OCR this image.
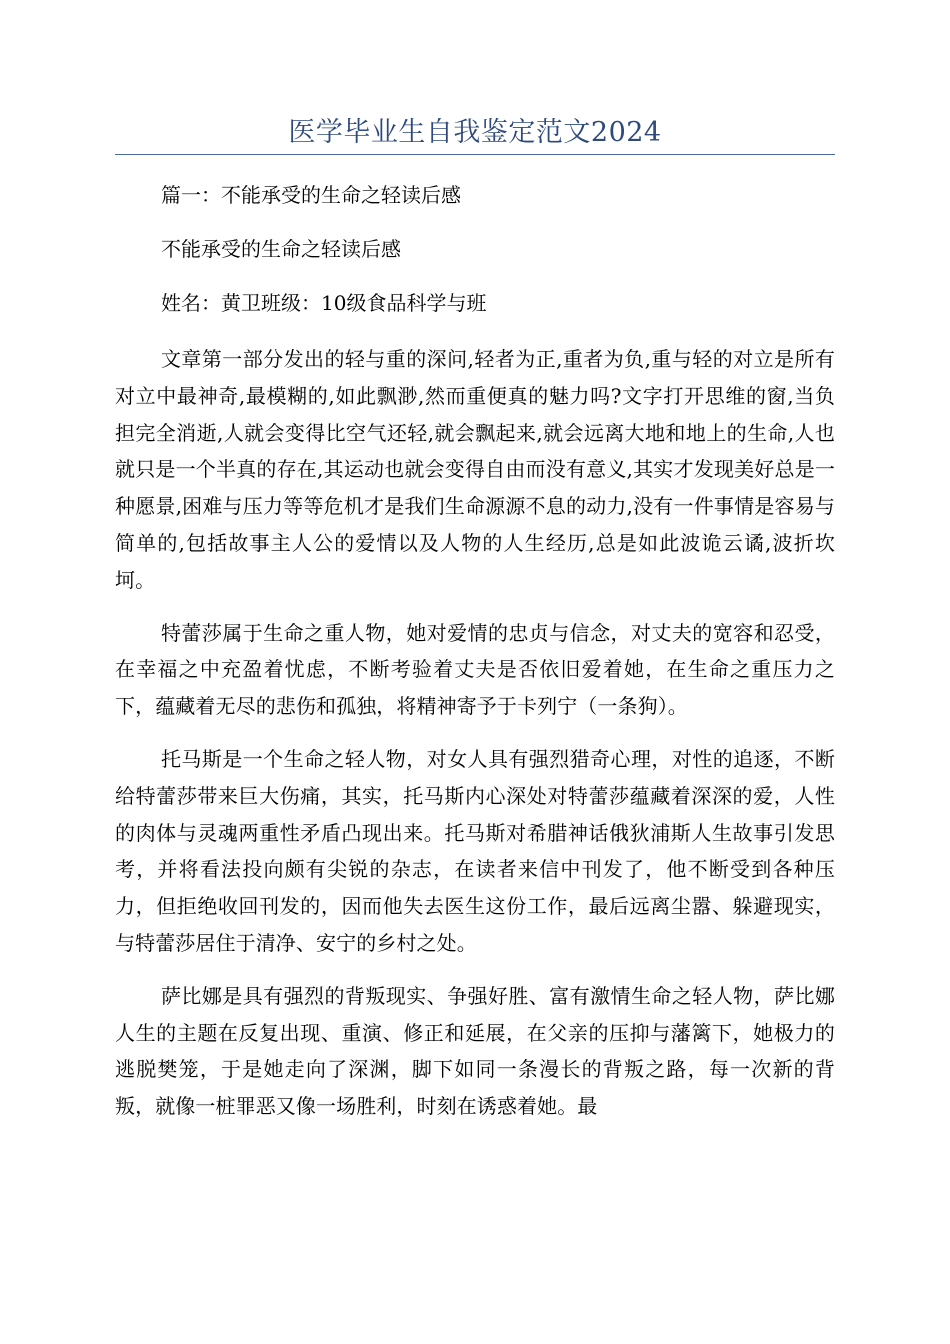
医学毕业生自我鉴定范文2024

篇一：不能承受的生命之轻读后感

不能承受的生命之轻读后感

姓名：黄卫班级：10级食品科学与班

文章第一部分发出的轻与重的深问,轻者为正,重者为负,重与轻的对立是所有对立中最神奇,最模糊的,如此飘渺,然而重便真的魅力吗?文字打开思维的窗,当负担完全消逝,人就会变得比空气还轻,就会飘起来,就会远离大地和地上的生命,人也就只是一个半真的存在,其运动也就会变得自由而没有意义,其实才发现美好总是一种愿景,困难与压力等等危机才是我们生命源源不息的动力,没有一件事情是容易与简单的,包括故事主人公的爱情以及人物的人生经历,总是如此波诡云谲,波折坎坷。

特蕾莎属于生命之重人物，她对爱情的忠贞与信念，对丈夫的宽容和忍受，在幸福之中充盈着忧虑，不断考验着丈夫是否依旧爱着她，在生命之重压力之下，蕴藏着无尽的悲伤和孤独，将精神寄予于卡列宁（一条狗）。

托马斯是一个生命之轻人物，对女人具有强烈猎奇心理，对性的追逐，不断给特蕾莎带来巨大伤痛，其实，托马斯内心深处对特蕾莎蕴藏着深深的爱，人性的肉体与灵魂两重性矛盾凸现出来。托马斯对希腊神话俄狄浦斯人生故事引发思考，并将看法投向颇有尖锐的杂志，在读者来信中刊发了，他不断受到各种压力，但拒绝收回刊发的，因而他失去医生这份工作，最后远离尘嚣、躲避现实，与特蕾莎居住于清净、安宁的乡村之处。

萨比娜是具有强烈的背叛现实、争强好胜、富有激情生命之轻人物，萨比娜人生的主题在反复出现、重演、修正和延展，在父亲的压抑与藩篱下，她极力的逃脱樊笼，于是她走向了深渊，脚下如同一条漫长的背叛之路，每一次新的背叛，就像一桩罪恶又像一场胜利，时刻在诱惑着她。最
